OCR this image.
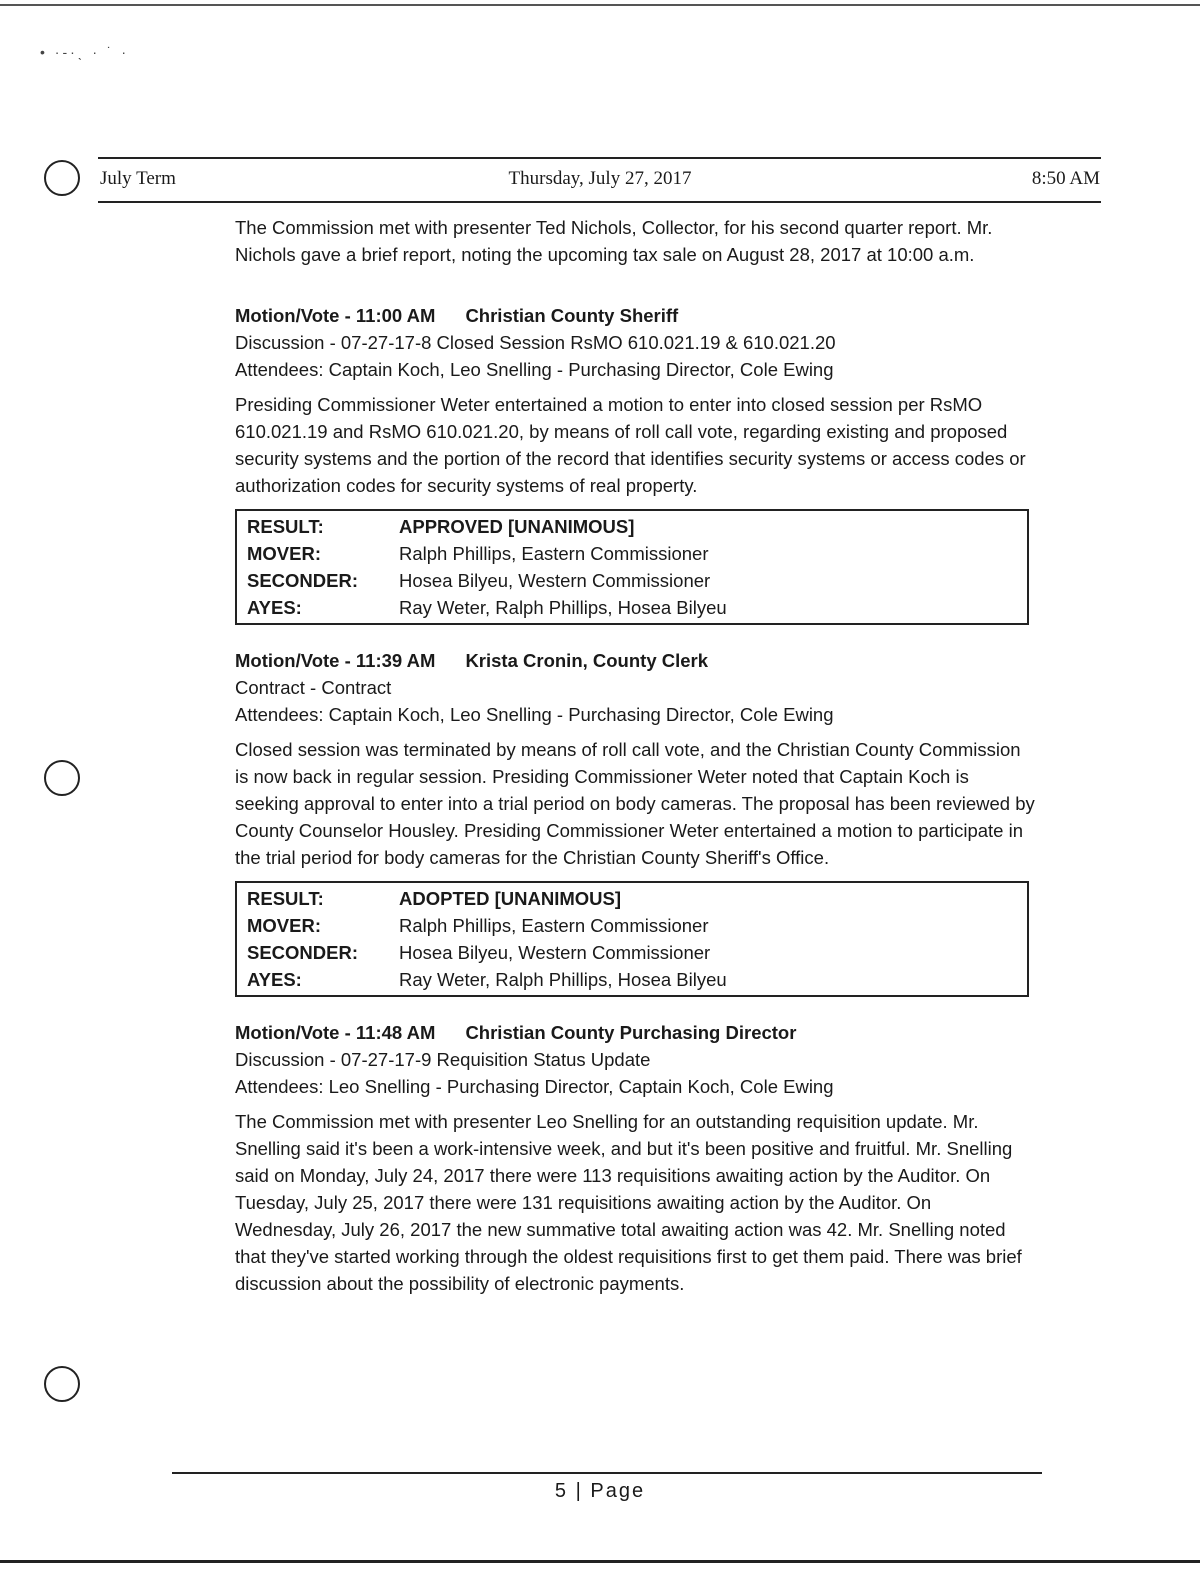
• ·‐·ˎ · ˙ ·
July Term	Thursday, July 27, 2017	8:50 AM

The Commission met with presenter Ted Nichols, Collector, for his second quarter report. Mr. Nichols gave a brief report, noting the upcoming tax sale on August 28, 2017 at 10:00 a.m.

Motion/Vote - 11:00 AM Christian County Sheriff

Discussion - 07-27-17-8 Closed Session RsMO 610.021.19 & 610.021.20

Attendees: Captain Koch, Leo Snelling - Purchasing Director, Cole Ewing

Presiding Commissioner Weter entertained a motion to enter into closed session per RsMO 610.021.19 and RsMO 610.021.20, by means of roll call vote, regarding existing and proposed security systems and the portion of the record that identifies security systems or access codes or authorization codes for security systems of real property.

RESULT:	APPROVED [UNANIMOUS]
MOVER:	Ralph Phillips, Eastern Commissioner
SECONDER:	Hosea Bilyeu, Western Commissioner
AYES:	Ray Weter, Ralph Phillips, Hosea Bilyeu

Motion/Vote - 11:39 AM Krista Cronin, County Clerk

Contract - Contract

Attendees: Captain Koch, Leo Snelling - Purchasing Director, Cole Ewing

Closed session was terminated by means of roll call vote, and the Christian County Commission is now back in regular session. Presiding Commissioner Weter noted that Captain Koch is seeking approval to enter into a trial period on body cameras. The proposal has been reviewed by County Counselor Housley. Presiding Commissioner Weter entertained a motion to participate in the trial period for body cameras for the Christian County Sheriff's Office.

RESULT:	ADOPTED [UNANIMOUS]
MOVER:	Ralph Phillips, Eastern Commissioner
SECONDER:	Hosea Bilyeu, Western Commissioner
AYES:	Ray Weter, Ralph Phillips, Hosea Bilyeu

Motion/Vote - 11:48 AM Christian County Purchasing Director

Discussion - 07-27-17-9 Requisition Status Update

Attendees: Leo Snelling - Purchasing Director, Captain Koch, Cole Ewing

The Commission met with presenter Leo Snelling for an outstanding requisition update. Mr. Snelling said it's been a work-intensive week, and but it's been positive and fruitful. Mr. Snelling said on Monday, July 24, 2017 there were 113 requisitions awaiting action by the Auditor. On Tuesday, July 25, 2017 there were 131 requisitions awaiting action by the Auditor. On Wednesday, July 26, 2017 the new summative total awaiting action was 42. Mr. Snelling noted that they've started working through the oldest requisitions first to get them paid. There was brief discussion about the possibility of electronic payments.

5 | Page
